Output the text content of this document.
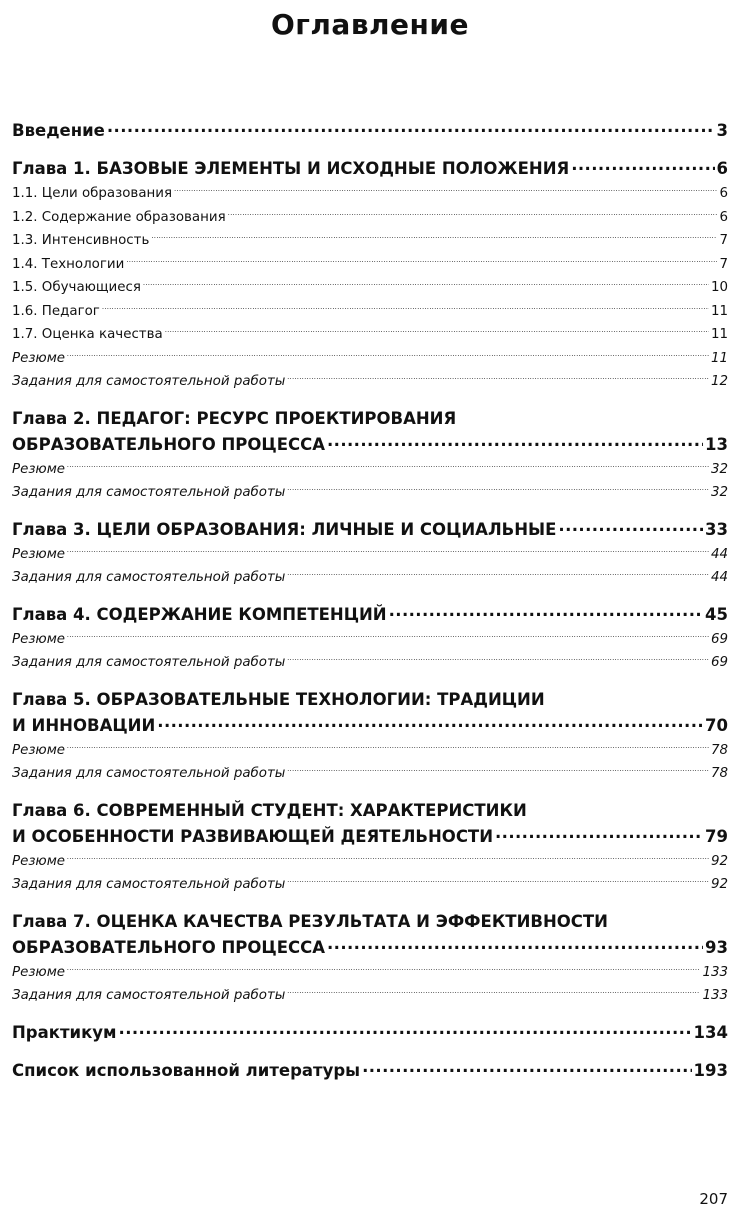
Оглавление
Введение .....	3
Глава 1. БАЗОВЫЕ ЭЛЕМЕНТЫ И ИСХОДНЫЕ ПОЛОЖЕНИЯ .....	6
1.1. Цели образования .....	6
1.2. Содержание образования .....	6
1.3. Интенсивность .....	7
1.4. Технологии .....	7
1.5. Обучающиеся .....	10
1.6. Педагог .....	11
1.7. Оценка качества .....	11
Резюме .....	11
Задания для самостоятельной работы .....	12
Глава 2. ПЕДАГОГ: РЕСУРС ПРОЕКТИРОВАНИЯ
ОБРАЗОВАТЕЛЬНОГО ПРОЦЕССА .....	13
Резюме .....	32
Задания для самостоятельной работы .....	32
Глава 3. ЦЕЛИ ОБРАЗОВАНИЯ: ЛИЧНЫЕ И СОЦИАЛЬНЫЕ .....	33
Резюме .....	44
Задания для самостоятельной работы .....	44
Глава 4. СОДЕРЖАНИЕ КОМПЕТЕНЦИЙ .....	45
Резюме .....	69
Задания для самостоятельной работы .....	69
Глава 5. ОБРАЗОВАТЕЛЬНЫЕ ТЕХНОЛОГИИ: ТРАДИЦИИ
И ИННОВАЦИИ .....	70
Резюме .....	78
Задания для самостоятельной работы .....	78
Глава 6. СОВРЕМЕННЫЙ СТУДЕНТ: ХАРАКТЕРИСТИКИ
И ОСОБЕННОСТИ РАЗВИВАЮЩЕЙ ДЕЯТЕЛЬНОСТИ .....	79
Резюме .....	92
Задания для самостоятельной работы .....	92
Глава 7. ОЦЕНКА КАЧЕСТВА РЕЗУЛЬТАТА И ЭФФЕКТИВНОСТИ
ОБРАЗОВАТЕЛЬНОГО ПРОЦЕССА .....	93
Резюме .....	133
Задания для самостоятельной работы .....	133
Практикум .....	134
Список использованной литературы .....	193
207
